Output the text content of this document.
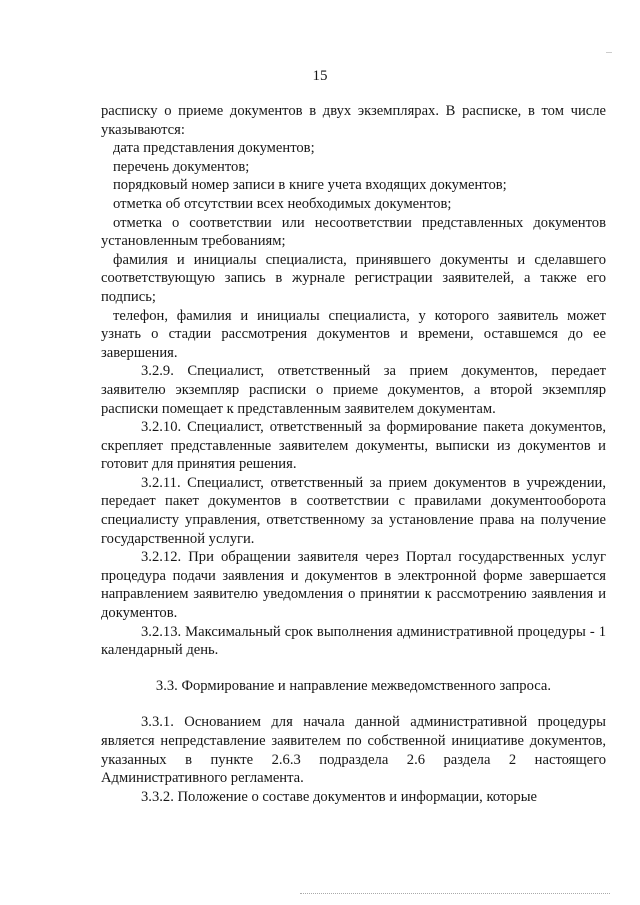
15

расписку о приеме документов в двух экземплярах. В расписке, в том числе указываются:

дата представления документов;

перечень документов;

порядковый номер записи в книге учета входящих документов;

отметка об отсутствии всех необходимых документов;

отметка о соответствии или несоответствии представленных документов установленным требованиям;

фамилия и инициалы специалиста, принявшего документы и сделавшего соответствующую запись в журнале регистрации заявителей, а также его подпись;

телефон, фамилия и инициалы специалиста, у которого заявитель может узнать о стадии рассмотрения документов и времени, оставшемся до ее завершения.

3.2.9. Специалист, ответственный за прием документов, передает заявителю экземпляр расписки о приеме документов, а второй экземпляр расписки помещает к представленным заявителем документам.

3.2.10. Специалист, ответственный за формирование пакета документов, скрепляет представленные заявителем документы, выписки из документов и готовит для принятия решения.

3.2.11. Специалист, ответственный за прием документов в учреждении, передает пакет документов в соответствии с правилами документооборота специалисту управления, ответственному за установление права на получение государственной услуги.

3.2.12. При обращении заявителя через Портал государственных услуг процедура подачи заявления и документов в электронной форме завершается направлением заявителю уведомления о принятии к рассмотрению заявления и документов.

3.2.13. Максимальный срок выполнения административной процедуры - 1 календарный день.

3.3. Формирование и направление межведомственного запроса.

3.3.1. Основанием для начала данной административной процедуры является непредставление заявителем по собственной инициативе документов, указанных в пункте 2.6.3 подраздела 2.6 раздела 2 настоящего Административного регламента.

3.3.2. Положение о составе документов и информации, которые
